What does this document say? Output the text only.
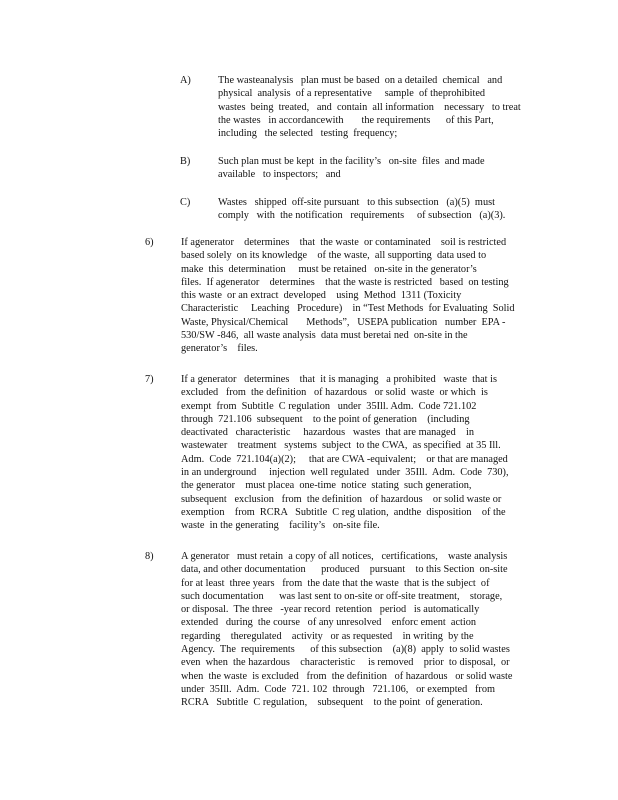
A)	The wasteanalysis   plan must be based  on a detailed  chemical   and
physical  analysis  of a representative     sample  of theprohibited
wastes  being  treated,   and  contain  all information    necessary   to treat
the wastes   in accordancewith       the requirements      of this Part,
including   the selected   testing  frequency;
B)	Such plan must be kept  in the facility’s   on-site  files  and made
available   to inspectors;   and
C)	Wastes   shipped  off-site pursuant   to this subsection   (a)(5)  must
comply   with  the notification   requirements     of subsection   (a)(3).
6)	If agenerator    determines    that  the waste  or contaminated    soil is restricted
based solely  on its knowledge    of the waste,  all supporting  data used to
make  this  determination     must be retained   on-site in the generator’s
files.  If agenerator    determines    that the waste is restricted   based  on testing
this waste  or an extract  developed    using  Method  1311 (Toxicity
Characteristic     Leaching   Procedure)    in “Test Methods  for Evaluating  Solid
Waste, Physical/Chemical       Methods”,   USEPA publication   number  EPA -
530/SW -846,  all waste analysis  data must beretai ned  on-site in the
generator’s    files.
7)	If a generator   determines    that  it is managing   a prohibited   waste  that is
excluded   from  the definition   of hazardous   or solid  waste  or which  is
exempt  from  Subtitle  C regulation   under  35Ill. Adm.  Code 721.102
through  721.106  subsequent    to the point of generation    (including
deactivated   characteristic     hazardous   wastes  that are managed    in
wastewater    treatment   systems  subject  to the CWA,  as specified  at 35 Ill.
Adm.  Code  721.104(a)(2);     that are CWA -equivalent;    or that are managed
in an underground     injection  well regulated   under  35Ill.  Adm.  Code  730),
the generator    must placea  one-time  notice  stating  such generation,
subsequent   exclusion   from  the definition   of hazardous    or solid waste or
exemption    from  RCRA   Subtitle  C reg ulation,  andthe  disposition    of the
waste  in the generating    facility’s   on-site file.
8)	A generator   must retain  a copy of all notices,   certifications,    waste analysis
data, and other documentation      produced    pursuant    to this Section  on-site
for at least  three years   from  the date that the waste  that is the subject  of
such documentation      was last sent to on-site or off-site treatment,    storage,
or disposal.  The three   -year record  retention   period   is automatically
extended   during  the course   of any unresolved    enforc ement  action
regarding    theregulated    activity   or as requested    in writing  by the
Agency.  The  requirements      of this subsection    (a)(8)  apply  to solid wastes
even  when  the hazardous    characteristic     is removed    prior  to disposal,  or
when  the waste  is excluded   from  the definition   of hazardous   or solid waste
under  35Ill.  Adm.  Code  721. 102  through   721.106,   or exempted   from
RCRA   Subtitle  C regulation,    subsequent    to the point  of generation.
